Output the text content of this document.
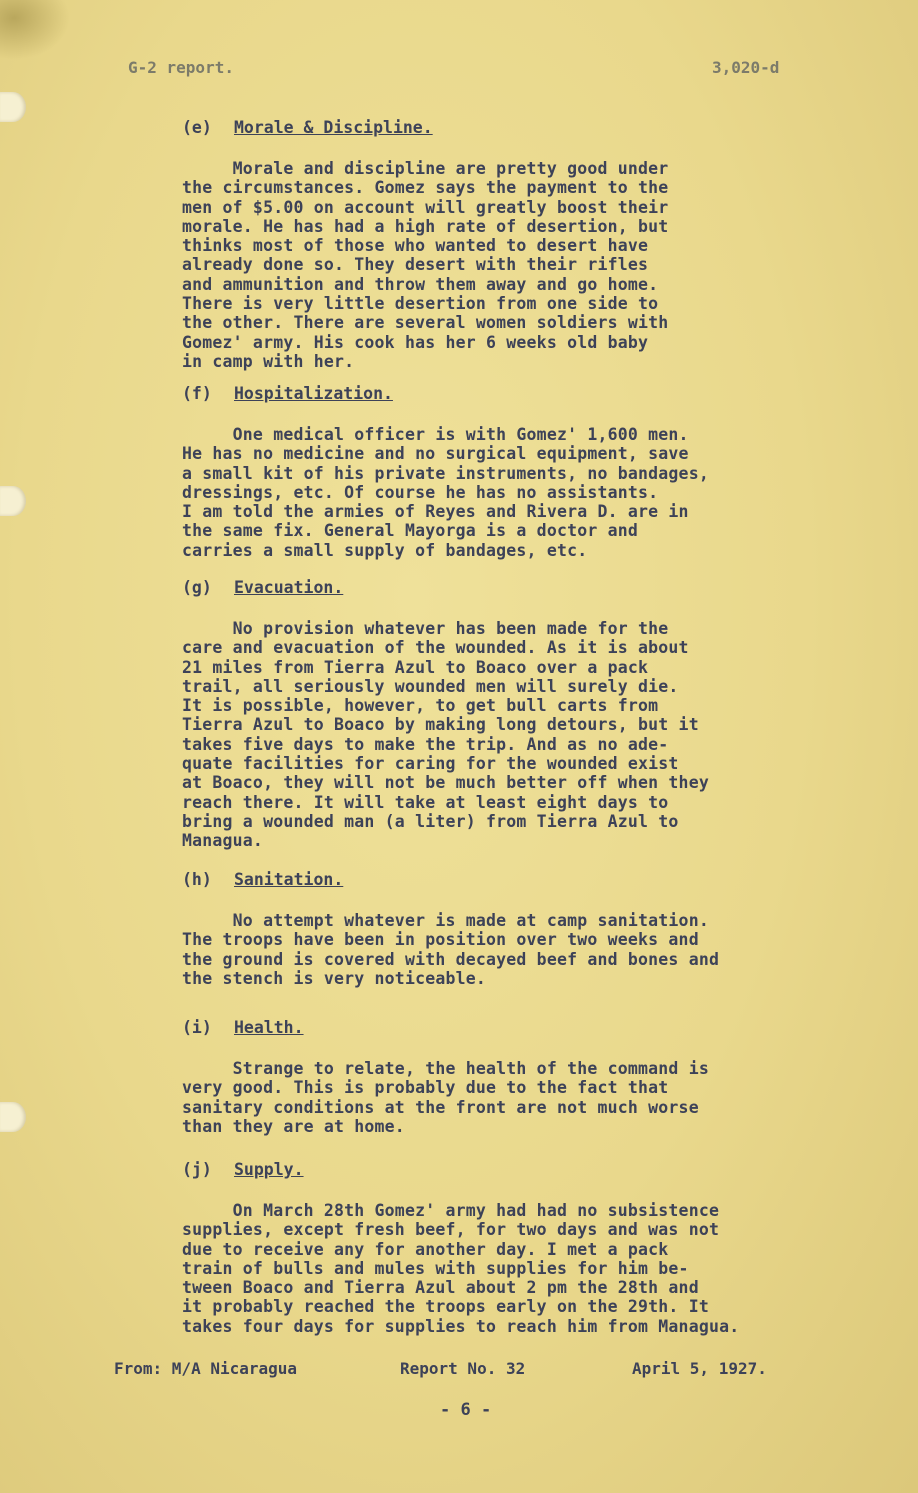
G-2 report.	3,020-d

(e) Morale & Discipline.

Morale and discipline are pretty good under
the circumstances. Gomez says the payment to the
men of $5.00 on account will greatly boost their
morale. He has had a high rate of desertion, but
thinks most of those who wanted to desert have
already done so. They desert with their rifles
and ammunition and throw them away and go home.
There is very little desertion from one side to
the other. There are several women soldiers with
Gomez' army. His cook has her 6 weeks old baby
in camp with her.

(f) Hospitalization.

One medical officer is with Gomez' 1,600 men.
He has no medicine and no surgical equipment, save
a small kit of his private instruments, no bandages,
dressings, etc. Of course he has no assistants.
I am told the armies of Reyes and Rivera D. are in
the same fix. General Mayorga is a doctor and
carries a small supply of bandages, etc.

(g) Evacuation.

No provision whatever has been made for the
care and evacuation of the wounded. As it is about
21 miles from Tierra Azul to Boaco over a pack
trail, all seriously wounded men will surely die.
It is possible, however, to get bull carts from
Tierra Azul to Boaco by making long detours, but it
takes five days to make the trip. And as no ade-
quate facilities for caring for the wounded exist
at Boaco, they will not be much better off when they
reach there. It will take at least eight days to
bring a wounded man (a liter) from Tierra Azul to
Managua.

(h) Sanitation.

No attempt whatever is made at camp sanitation.
The troops have been in position over two weeks and
the ground is covered with decayed beef and bones and
the stench is very noticeable.

(i) Health.

Strange to relate, the health of the command is
very good. This is probably due to the fact that
sanitary conditions at the front are not much worse
than they are at home.

(j) Supply.

On March 28th Gomez' army had had no subsistence
supplies, except fresh beef, for two days and was not
due to receive any for another day. I met a pack
train of bulls and mules with supplies for him be-
tween Boaco and Tierra Azul about 2 pm the 28th and
it probably reached the troops early on the 29th. It
takes four days for supplies to reach him from Managua.

From: M/A Nicaragua	Report No. 32	April 5, 1927.
- 6 -
